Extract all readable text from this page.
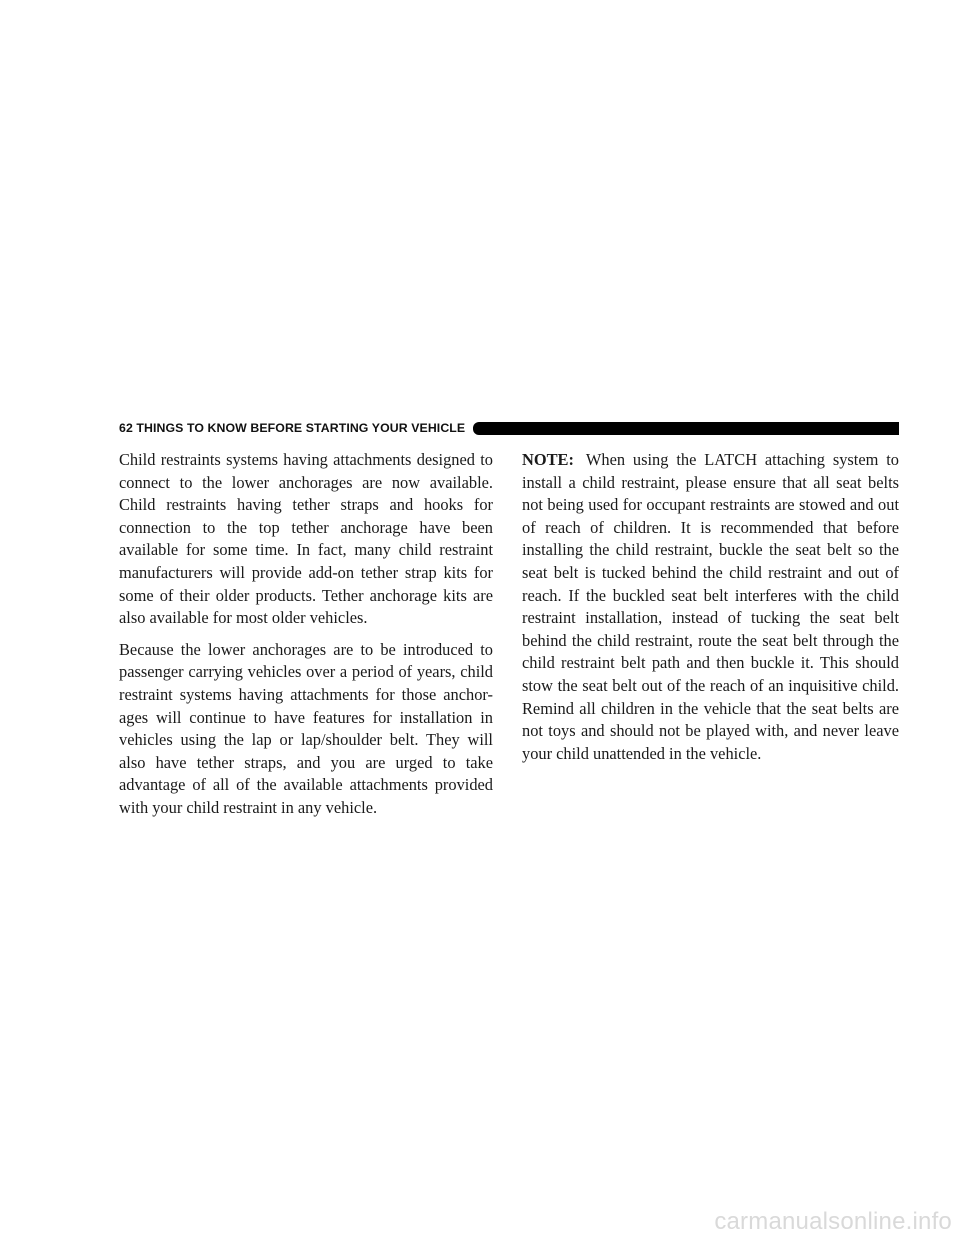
62 THINGS TO KNOW BEFORE STARTING YOUR VEHICLE

Child restraints systems having attachments designed to connect to the lower anchorages are now available. Child restraints having tether straps and hooks for connection to the top tether anchorage have been available for some time. In fact, many child restraint manufacturers will provide add-on tether strap kits for some of their older products. Tether anchorage kits are also available for most older vehicles.

Because the lower anchorages are to be introduced to passenger carrying vehicles over a period of years, child restraint systems having attachments for those anchor-ages will continue to have features for installation in vehicles using the lap or lap/shoulder belt. They will also have tether straps, and you are urged to take advantage of all of the available attachments provided with your child restraint in any vehicle.

NOTE: When using the LATCH attaching system to install a child restraint, please ensure that all seat belts not being used for occupant restraints are stowed and out of reach of children. It is recommended that before installing the child restraint, buckle the seat belt so the seat belt is tucked behind the child restraint and out of reach. If the buckled seat belt interferes with the child restraint installation, instead of tucking the seat belt behind the child restraint, route the seat belt through the child restraint belt path and then buckle it. This should stow the seat belt out of the reach of an inquisitive child. Remind all children in the vehicle that the seat belts are not toys and should not be played with, and never leave your child unattended in the vehicle.

carmanualsonline.info
